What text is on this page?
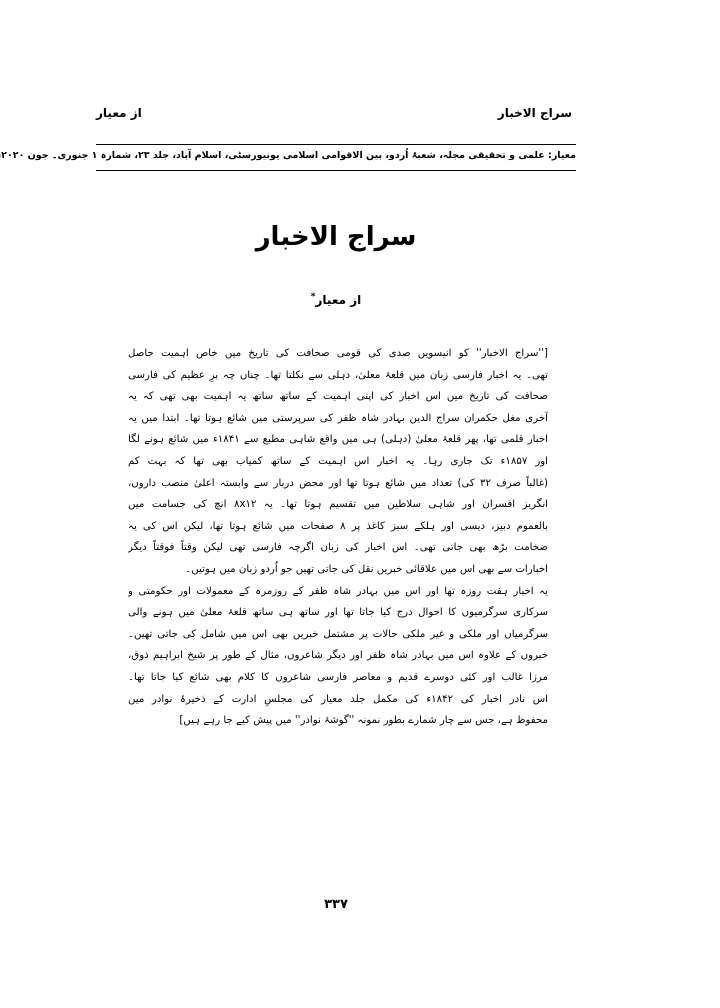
سراج الاخبار
از معیار
معیار: علمی و تحقیقی مجلہ، شعبۂ اُردو، بین الاقوامی اسلامی یونیورسٹی، اسلام آباد، جلد ۲۳، شمارہ ۱ جنوری۔ جون ۲۰۲۰
سراج الاخبار
از معیار*
[''سراج الاخبار'' کو انیسویں صدی کی قومی صحافت کی تاریخ میں خاص اہمیت حاصل
تھی۔ یہ اخبار فارسی زبان میں قلعۂ معلیٰ، دہلی سے نکلتا تھا۔ چناں چہ برِ عظیم کی فارسی
صحافت کی تاریخ میں اس اخبار کی اپنی اہمیت کے ساتھ ساتھ یہ اہمیت بھی تھی کہ یہ
آخری مغل حکمران سراج الدین بہادر شاہ ظفر کی سرپرستی میں شائع ہوتا تھا۔ ابتدا میں یہ
اخبار قلمی تھا، پھر قلعۂ معلیٰ (دہلی) ہی میں واقع شاہی مطبع سے ۱۸۴۱ء میں شائع ہونے لگا
اور ۱۸۵۷ء تک جاری رہا۔ یہ اخبار اس اہمیت کے ساتھ کمیاب بھی تھا کہ بہت کم
(غالباً صرف ۳۲ کی) تعداد میں شائع ہوتا تھا اور محض دربار سے وابستہ اعلیٰ منصب داروں،
انگریز افسران اور شاہی سلاطین میں تقسیم ہوتا تھا۔ یہ ۸x۱۲ انچ کی جسامت میں
بالعموم دبیز، دیسی اور ہلکے سبز کاغذ پر ۸ صفحات میں شائع ہوتا تھا، لیکن اس کی یہ
ضخامت بڑھ بھی جاتی تھی۔ اس اخبار کی زبان اگرچہ فارسی تھی لیکن وقتاً فوقتاً دیگر
اخبارات سے بھی اس میں علاقائی خبریں نقل کی جاتی تھیں جو اُردو زبان میں ہوتیں۔
یہ اخبار ہفت روزہ تھا اور اس میں بہادر شاہ ظفر کے روزمرہ کے معمولات اور حکومتی و
سرکاری سرگرمیوں کا احوال درج کیا جاتا تھا اور ساتھ ہی ساتھ قلعۂ معلیٰ میں ہونے والی
سرگرمیاں اور ملکی و غیر ملکی حالات پر مشتمل خبریں بھی اس میں شامل کی جاتی تھیں۔
خبروں کے علاوہ اس میں بہادر شاہ ظفر اور دیگر شاعروں، مثال کے طور پر شیخ ابراہیم ذوق،
مرزا غالب اور کئی دوسرے قدیم و معاصر فارسی شاعروں کا کلام بھی شائع کیا جاتا تھا۔
اس نادر اخبار کی ۱۸۴۲ء کی مکمل جلد معیار کی مجلسِ ادارت کے ذخیرۂ نوادر میں
محفوظ ہے، جس سے چار شمارے بطور نمونہ ''گوشۂ نوادر'' میں پیش کیے جا رہے ہیں]
۳۳۷
